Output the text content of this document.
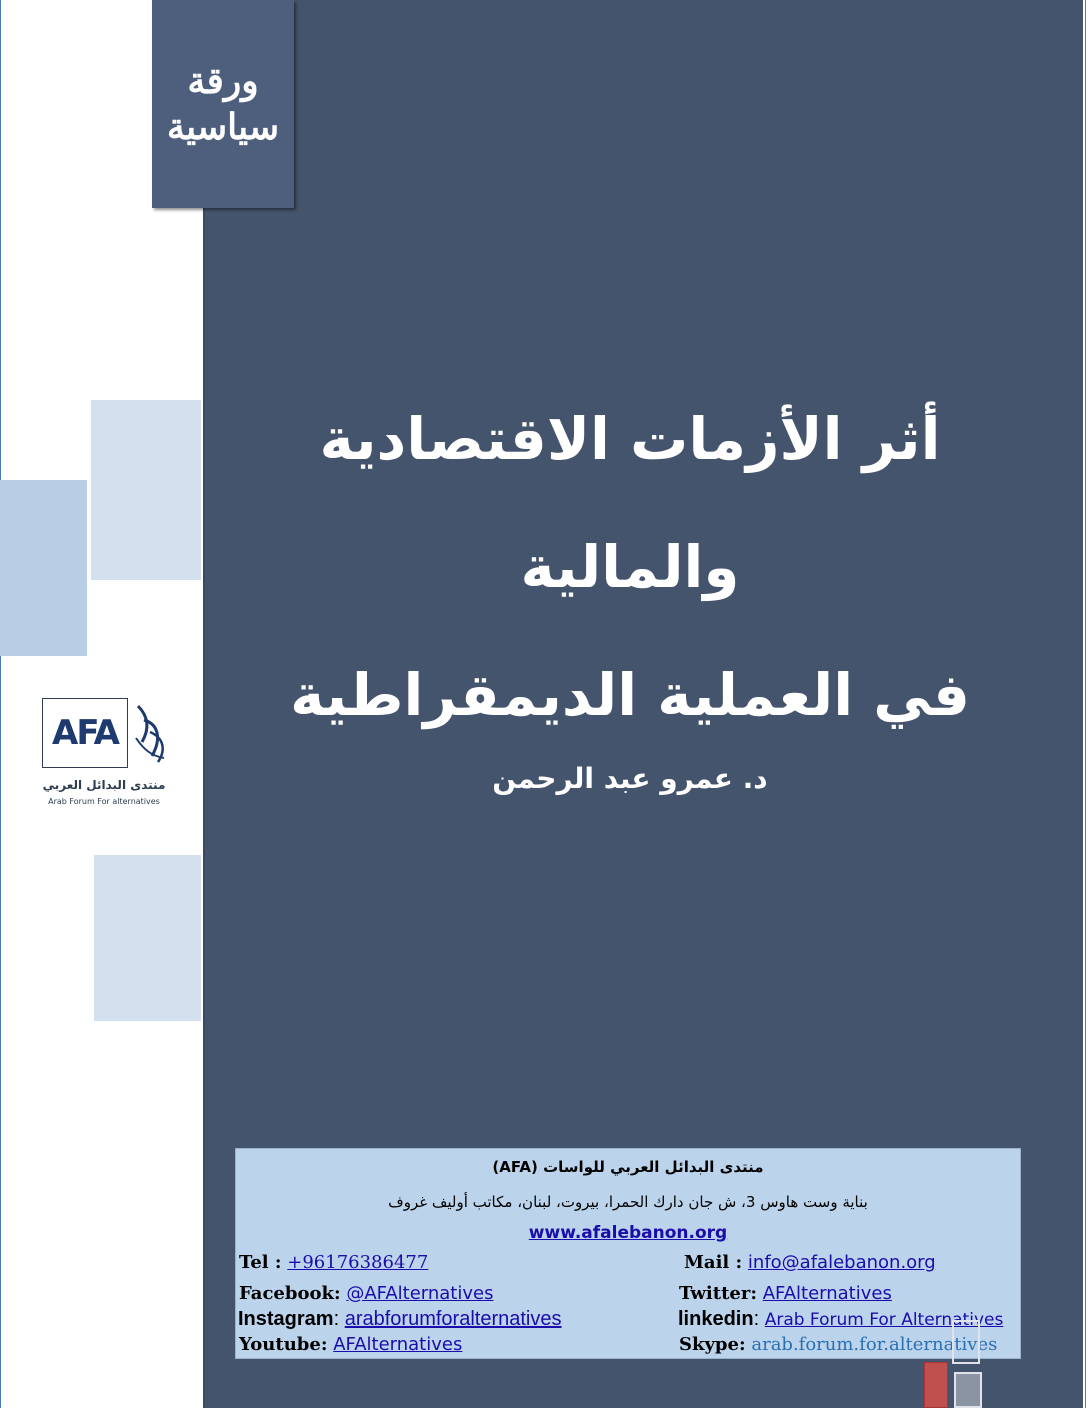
ورقة
سياسية
AFA
منتدى البدائل العربي
Arab Forum For alternatives
أثر الأزمات الاقتصادية والمالية
في العملية الديمقراطية
د. عمرو عبد الرحمن
منتدى البدائل العربي للواسات (AFA)
بناية وست هاوس 3، ش جان دارك الحمرا، بيروت، لبنان، مكاتب أوليف غروف
www.afalebanon.org
Tel : +96176386477	Mail : info@afalebanon.org
Facebook: @AFAlternatives	Twitter: AFAlternatives
Instagram: arabforumforalternatives	linkedin: Arab Forum For Alternatives
Youtube: AFAlternatives	Skype: arab.forum.for.alternatives
